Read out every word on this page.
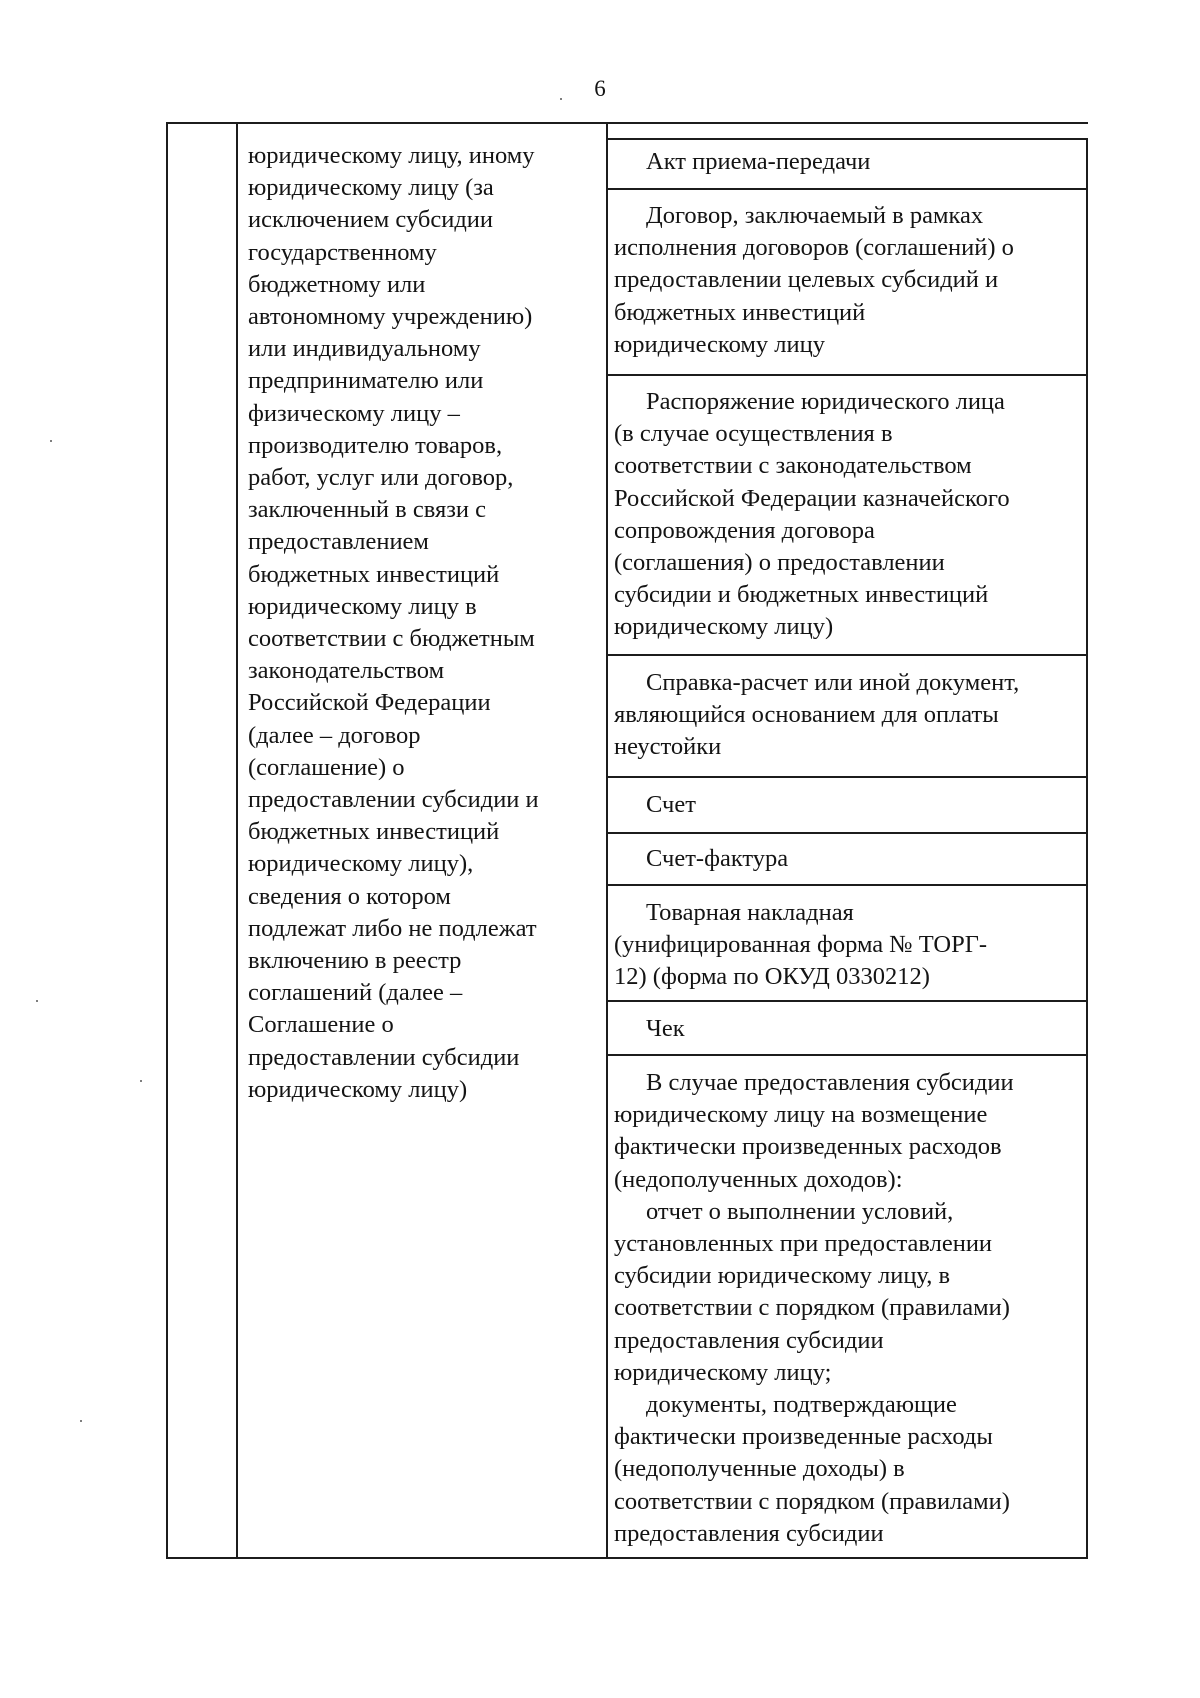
6
юридическому лицу, иному
юридическому лицу (за
исключением субсидии
государственному
бюджетному или
автономному учреждению)
или индивидуальному
предпринимателю или
физическому лицу –
производителю товаров,
работ, услуг или договор,
заключенный в связи с
предоставлением
бюджетных инвестиций
юридическому лицу в
соответствии с бюджетным
законодательством
Российской Федерации
(далее – договор
(соглашение) о
предоставлении субсидии и
бюджетных инвестиций
юридическому лицу),
сведения о котором
подлежат либо не подлежат
включению в реестр
соглашений (далее –
Соглашение о
предоставлении субсидии
юридическому лицу)
Акт приема-передачи
Договор, заключаемый в рамках
исполнения договоров (соглашений) о
предоставлении целевых субсидий и
бюджетных инвестиций
юридическому лицу
Распоряжение юридического лица
(в случае осуществления в
соответствии с законодательством
Российской Федерации казначейского
сопровождения договора
(соглашения) о предоставлении
субсидии и бюджетных инвестиций
юридическому лицу)
Справка-расчет или иной документ,
являющийся основанием для оплаты
неустойки
Счет
Счет-фактура
Товарная накладная
(унифицированная форма № ТОРГ-
12) (форма по ОКУД 0330212)
Чек
В случае предоставления субсидии
юридическому лицу на возмещение
фактически произведенных расходов
(недополученных доходов):
отчет о выполнении условий,
установленных при предоставлении
субсидии юридическому лицу, в
соответствии с порядком (правилами)
предоставления субсидии
юридическому лицу;
документы, подтверждающие
фактически произведенные расходы
(недополученные доходы) в
соответствии с порядком (правилами)
предоставления субсидии
